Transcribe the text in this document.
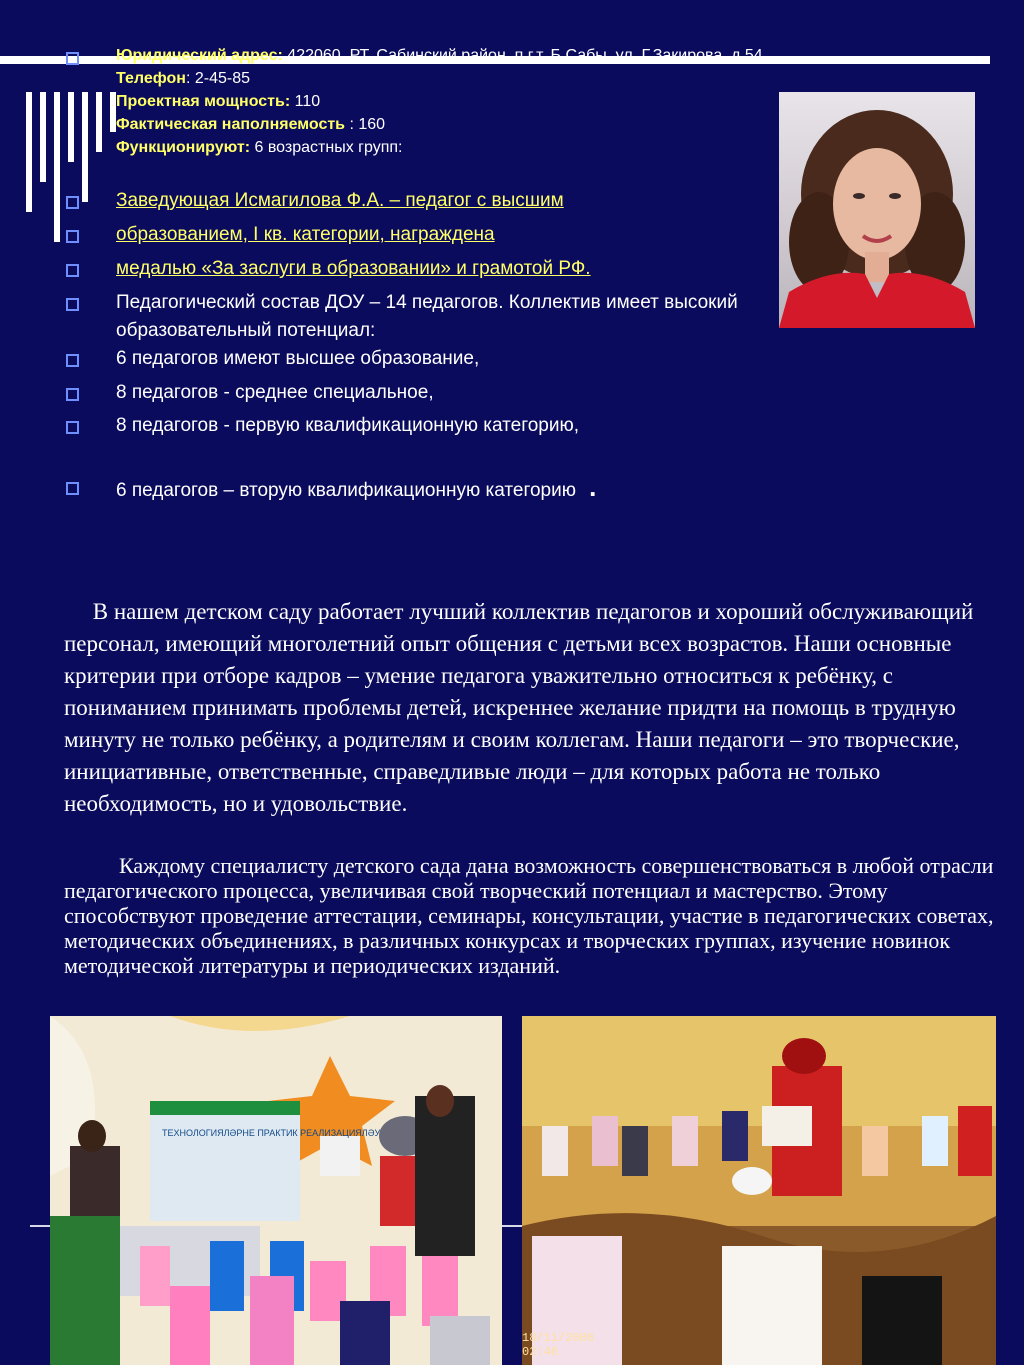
Юридический адрес: 422060, РТ, Сабинский район, п.г.т. Б.Сабы, ул. Г.Закирова, д.54.
Телефон: 2-45-85
Проектная мощность: 110
Фактическая наполняемость : 160
Функционируют: 6 возрастных групп:
Заведующая Исмагилова Ф.А. – педагог с высшим
образованием, I кв. категории, награждена
медалью «За заслуги в образовании» и грамотой РФ.
Педагогический состав ДОУ – 14 педагогов. Коллектив имеет высокий образовательный потенциал:
6 педагогов имеют высшее образование,
8 педагогов - среднее специальное,
8 педагогов - первую квалификационную категорию,
6 педагогов – вторую квалификационную категорию .
В нашем детском саду работает лучший коллектив педагогов и хороший обслуживающий персонал, имеющий многолетний опыт общения с детьми всех возрастов. Наши основные критерии при отборе кадров – умение педагога уважительно относиться к ребёнку, с пониманием принимать проблемы детей, искреннее желание придти на помощь в трудную минуту не только ребёнку, а родителям и своим коллегам. Наши педагоги – это творческие, инициативные, ответственные, справедливые люди – для которых работа не только необходимость, но и удовольствие.
Каждому специалисту детского сада дана возможность совершенствоваться в любой отрасли педагогического процесса, увеличивая свой творческий потенциал и мастерство. Этому способствуют проведение аттестации, семинары, консультации, участие в педагогических советах, методических объединениях, в различных конкурсах и творческих группах, изучение новинок методической литературы и периодических изданий.
ТЕХНОЛОГИЯЛӘРНЕ ПРАКТИК РЕАЛИЗАЦИЯЛӘУ
18/11/2008 02:46
